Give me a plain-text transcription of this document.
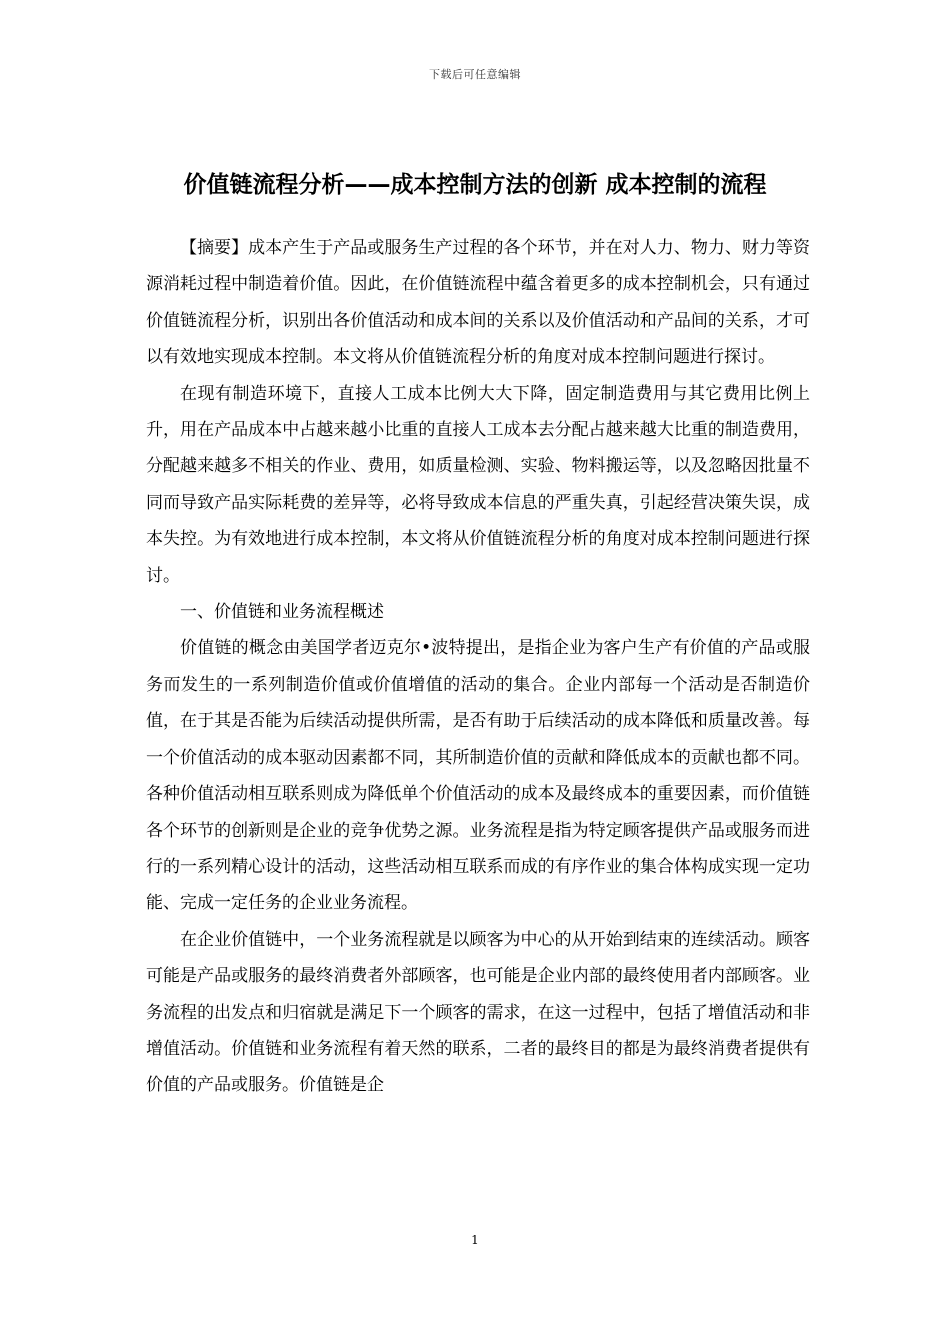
下载后可任意编辑
价值链流程分析——成本控制方法的创新 成本控制的流程

【摘要】成本产生于产品或服务生产过程的各个环节，并在对人力、物力、财力等资源消耗过程中制造着价值。因此，在价值链流程中蕴含着更多的成本控制机会，只有通过价值链流程分析，识别出各价值活动和成本间的关系以及价值活动和产品间的关系，才可以有效地实现成本控制。本文将从价值链流程分析的角度对成本控制问题进行探讨。

在现有制造环境下，直接人工成本比例大大下降，固定制造费用与其它费用比例上升，用在产品成本中占越来越小比重的直接人工成本去分配占越来越大比重的制造费用，分配越来越多不相关的作业、费用，如质量检测、实验、物料搬运等，以及忽略因批量不同而导致产品实际耗费的差异等，必将导致成本信息的严重失真，引起经营决策失误，成本失控。为有效地进行成本控制，本文将从价值链流程分析的角度对成本控制问题进行探讨。

一、价值链和业务流程概述

价值链的概念由美国学者迈克尔•波特提出，是指企业为客户生产有价值的产品或服务而发生的一系列制造价值或价值增值的活动的集合。企业内部每一个活动是否制造价值，在于其是否能为后续活动提供所需，是否有助于后续活动的成本降低和质量改善。每一个价值活动的成本驱动因素都不同，其所制造价值的贡献和降低成本的贡献也都不同。各种价值活动相互联系则成为降低单个价值活动的成本及最终成本的重要因素，而价值链各个环节的创新则是企业的竞争优势之源。业务流程是指为特定顾客提供产品或服务而进行的一系列精心设计的活动，这些活动相互联系而成的有序作业的集合体构成实现一定功能、完成一定任务的企业业务流程。

在企业价值链中，一个业务流程就是以顾客为中心的从开始到结束的连续活动。顾客可能是产品或服务的最终消费者外部顾客，也可能是企业内部的最终使用者内部顾客。业务流程的出发点和归宿就是满足下一个顾客的需求，在这一过程中，包括了增值活动和非增值活动。价值链和业务流程有着天然的联系，二者的最终目的都是为最终消费者提供有价值的产品或服务。价值链是企

1
